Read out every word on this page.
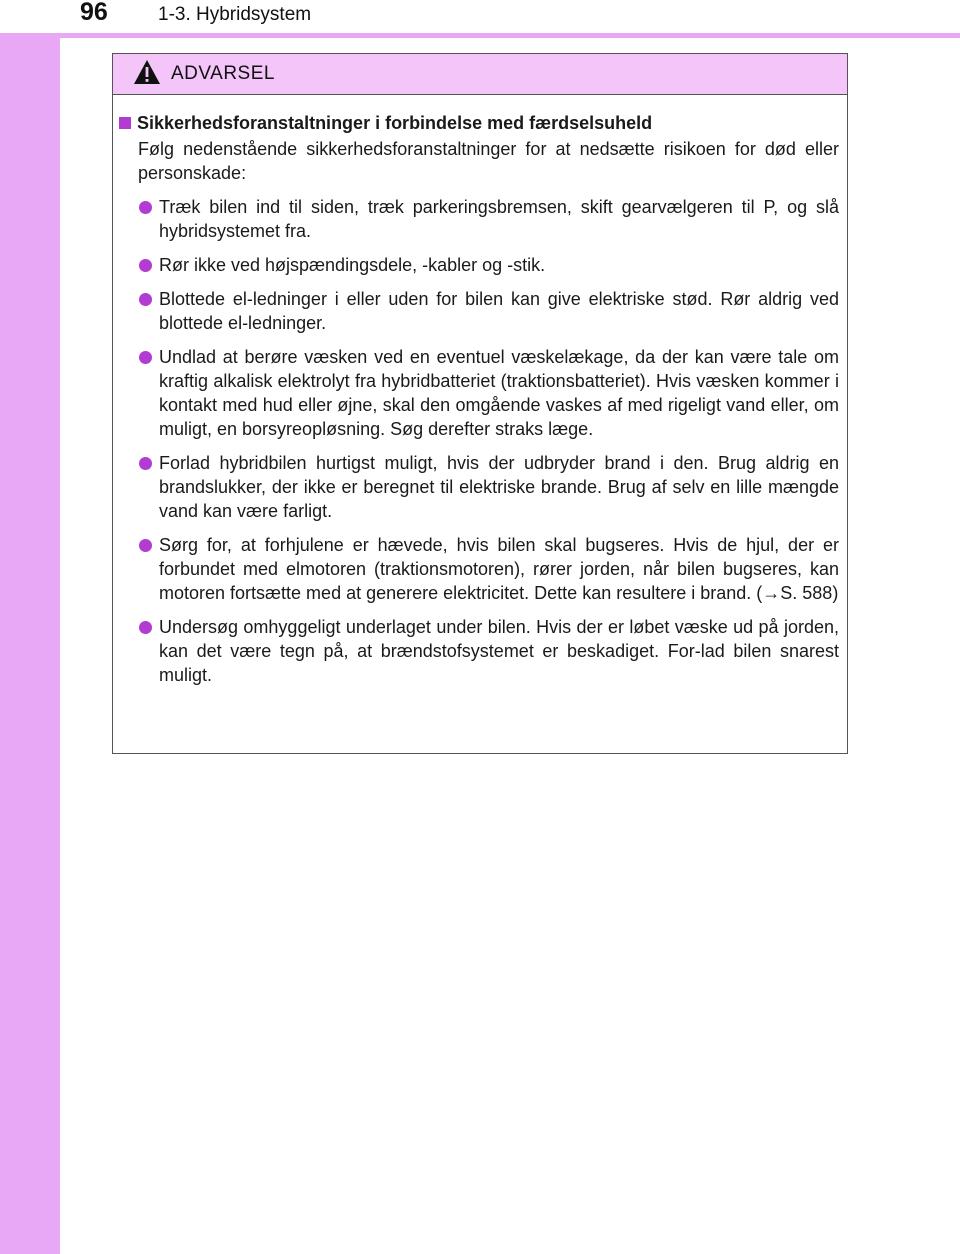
96	1-3. Hybridsystem
ADVARSEL
Sikkerhedsforanstaltninger i forbindelse med færdselsuheld
Følg nedenstående sikkerhedsforanstaltninger for at nedsætte risikoen for død eller personskade:
Træk bilen ind til siden, træk parkeringsbremsen, skift gearvælgeren til P, og slå hybridsystemet fra.
Rør ikke ved højspændingsdele, -kabler og -stik.
Blottede el-ledninger i eller uden for bilen kan give elektriske stød. Rør aldrig ved blottede el-ledninger.
Undlad at berøre væsken ved en eventuel væskelækage, da der kan være tale om kraftig alkalisk elektrolyt fra hybridbatteriet (traktionsbatteriet). Hvis væsken kommer i kontakt med hud eller øjne, skal den omgående vaskes af med rigeligt vand eller, om muligt, en borsyreopløsning. Søg derefter straks læge.
Forlad hybridbilen hurtigst muligt, hvis der udbryder brand i den. Brug aldrig en brandslukker, der ikke er beregnet til elektriske brande. Brug af selv en lille mængde vand kan være farligt.
Sørg for, at forhjulene er hævede, hvis bilen skal bugseres. Hvis de hjul, der er forbundet med elmotoren (traktionsmotoren), rører jorden, når bilen bugseres, kan motoren fortsætte med at generere elektricitet. Dette kan resultere i brand. (→S. 588)
Undersøg omhyggeligt underlaget under bilen. Hvis der er løbet væske ud på jorden, kan det være tegn på, at brændstofsystemet er beskadiget. For-lad bilen snarest muligt.
